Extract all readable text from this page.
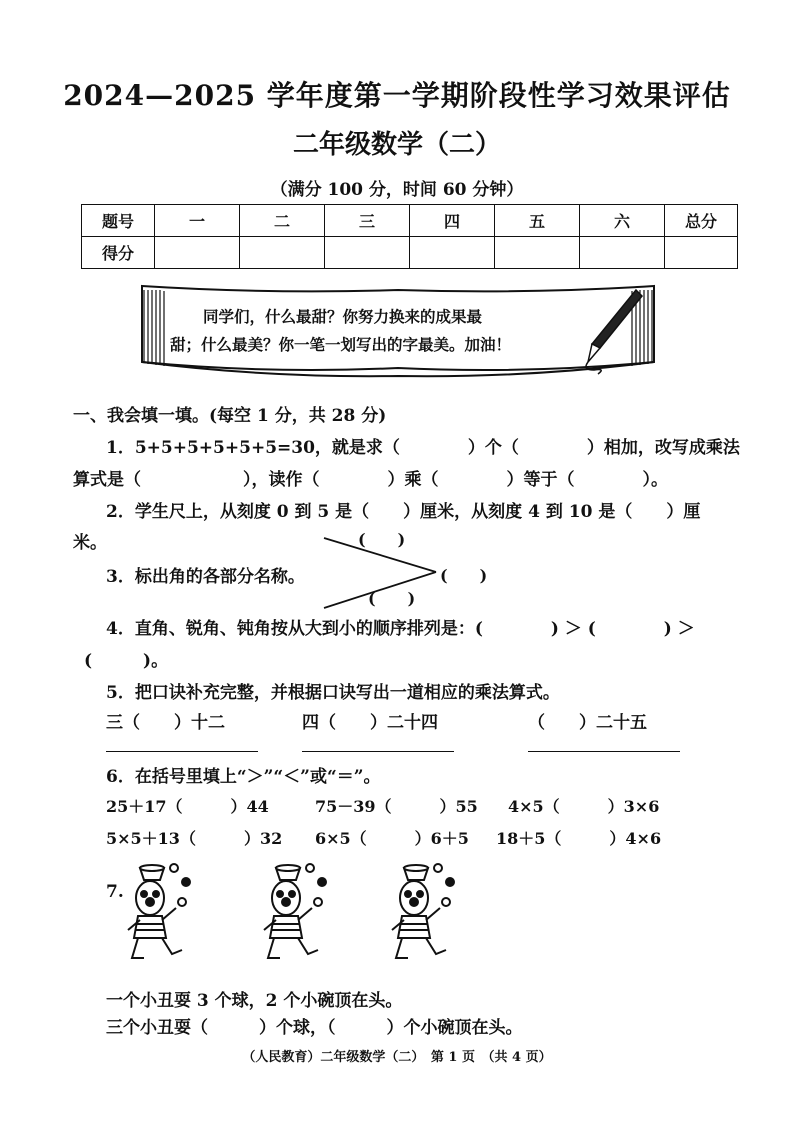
2024—2025 学年度第一学期阶段性学习效果评估
二年级数学（二）
（满分 100 分，时间 60 分钟）
题号	一	二	三	四	五	六	总分
得分							
同学们，什么最甜？你努力换来的成果最
甜；什么最美？你一笔一划写出的字最美。加油！
一、我会填一填。(每空 1 分，共 28 分)
1．5+5+5+5+5+5=30，就是求（　　　　）个（　　　　）相加，改写成乘法
算式是（　　　　　　），读作（　　　　）乘（　　　　）等于（　　　　）。
2．学生尺上，从刻度 0 到 5 是（　　）厘米，从刻度 4 到 10 是（　　）厘
米。
3．标出角的各部分名称。
(　　)
(　　)
(　　)
4．直角、锐角、钝角按从大到小的顺序排列是：(　　　　) ＞ (　　　　) ＞
(　　　)。
5．把口诀补充完整，并根据口诀写出一道相应的乘法算式。
三（　　）十二	四（　　）二十四	（　　）二十五
6．在括号里填上“＞”“＜”或“＝”。
25＋17（　　　）44	75－39（　　　）55 4×5（　　　）3×6
5×5＋13（　　　）32 6×5（　　　）6＋5 18＋5（　　　）4×6
7.
一个小丑耍 3 个球，2 个小碗顶在头。
三个小丑耍（　　　）个球，（　　　）个小碗顶在头。
（人民教育）二年级数学（二）　第 1 页　（共 4 页）
